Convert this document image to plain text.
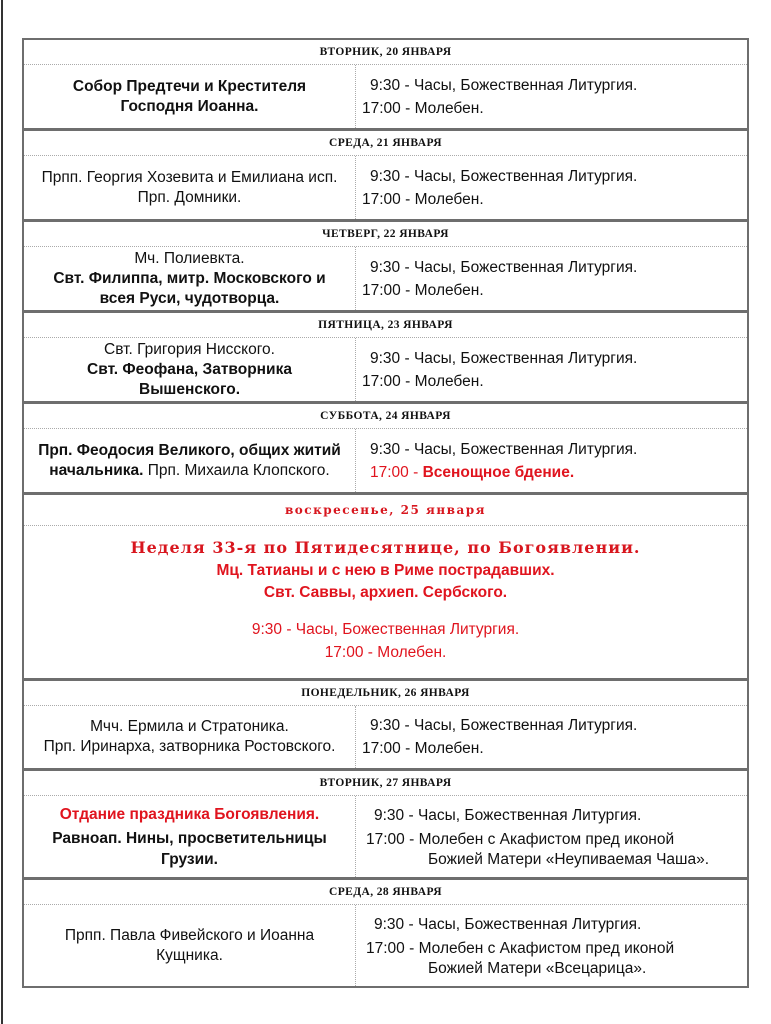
ВТОРНИК, 20 ЯНВАРЯ
Собор Предтечи и Крестителя Господня Иоанна.
9:30 - Часы, Божественная Литургия.
17:00 - Молебен.
СРЕДА, 21 ЯНВАРЯ
Прпп. Георгия Хозевита и Емилиана исп.
Прп. Домники.
9:30 - Часы, Божественная Литургия.
17:00 - Молебен.
ЧЕТВЕРГ, 22 ЯНВАРЯ
Мч. Полиевкта.
Свт. Филиппа, митр. Московского и всея Руси, чудотворца.
9:30 - Часы, Божественная Литургия.
17:00 - Молебен.
ПЯТНИЦА, 23 ЯНВАРЯ
Свт. Григория Нисского.
Свт. Феофана, Затворника Вышенского.
9:30 - Часы, Божественная Литургия.
17:00 - Молебен.
СУББОТА, 24 ЯНВАРЯ
Прп. Феодосия Великого, общих житий начальника. Прп. Михаила Клопского.
9:30 - Часы, Божественная Литургия.
17:00 - Всенощное бдение.
воскресенье, 25 января
Неделя 33-я по Пятидесятнице, по Богоявлении.
Мц. Татианы и с нею в Риме пострадавших.
Свт. Саввы, архиеп. Сербского.
9:30 - Часы, Божественная Литургия.
17:00 - Молебен.
ПОНЕДЕЛЬНИК, 26 ЯНВАРЯ
Мчч. Ермила и Стратоника.
Прп. Иринарха, затворника Ростовского.
9:30 - Часы, Божественная Литургия.
17:00 - Молебен.
ВТОРНИК, 27 ЯНВАРЯ
Отдание праздника Богоявления.
Равноап. Нины, просветительницы Грузии.
9:30 - Часы, Божественная Литургия.
17:00 - Молебен с Акафистом пред иконой
Божией Матери «Неупиваемая Чаша».
СРЕДА, 28 ЯНВАРЯ
Прпп. Павла Фивейского и Иоанна Кущника.
9:30 - Часы, Божественная Литургия.
17:00 - Молебен с Акафистом пред иконой
Божией Матери «Всецарица».
